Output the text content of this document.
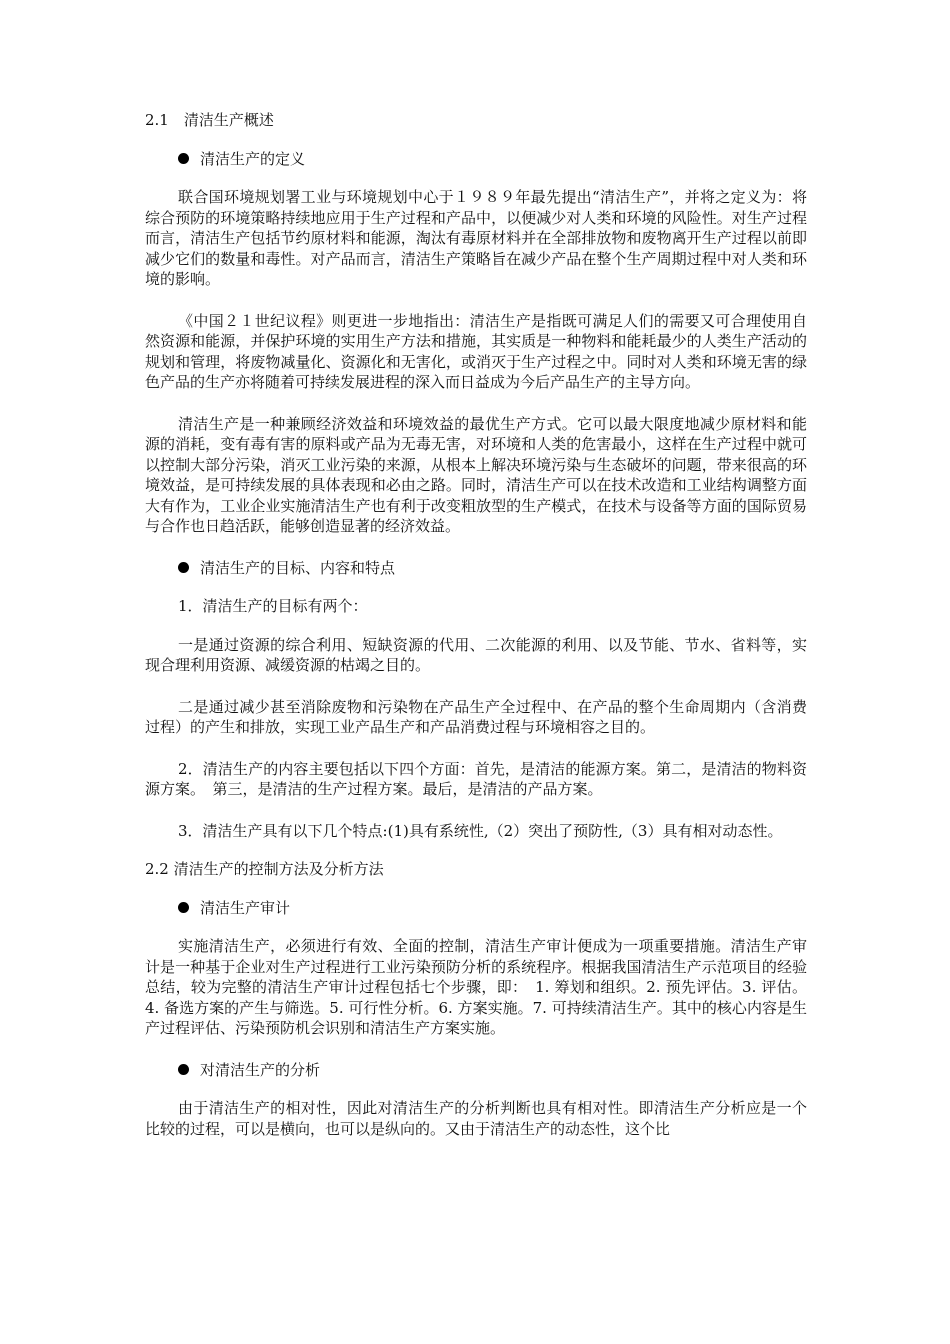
2.1　清洁生产概述

清洁生产的定义

联合国环境规划署工业与环境规划中心于１９８９年最先提出“清洁生产”，并将之定义为：将综合预防的环境策略持续地应用于生产过程和产品中，以便减少对人类和环境的风险性。对生产过程而言，清洁生产包括节约原材料和能源，淘汰有毒原材料并在全部排放物和废物离开生产过程以前即减少它们的数量和毒性。对产品而言，清洁生产策略旨在减少产品在整个生产周期过程中对人类和环境的影响。

《中国２１世纪议程》则更进一步地指出：清洁生产是指既可满足人们的需要又可合理使用自然资源和能源，并保护环境的实用生产方法和措施，其实质是一种物料和能耗最少的人类生产活动的规划和管理，将废物减量化、资源化和无害化，或消灭于生产过程之中。同时对人类和环境无害的绿色产品的生产亦将随着可持续发展进程的深入而日益成为今后产品生产的主导方向。

清洁生产是一种兼顾经济效益和环境效益的最优生产方式。它可以最大限度地减少原材料和能源的消耗，变有毒有害的原料或产品为无毒无害，对环境和人类的危害最小，这样在生产过程中就可以控制大部分污染，消灭工业污染的来源，从根本上解决环境污染与生态破坏的问题，带来很高的环境效益，是可持续发展的具体表现和必由之路。同时，清洁生产可以在技术改造和工业结构调整方面大有作为，工业企业实施清洁生产也有利于改变粗放型的生产模式，在技术与设备等方面的国际贸易与合作也日趋活跃，能够创造显著的经济效益。

清洁生产的目标、内容和特点

1．清洁生产的目标有两个：

一是通过资源的综合利用、短缺资源的代用、二次能源的利用、以及节能、节水、省料等，实现合理利用资源、减缓资源的枯竭之目的。

二是通过减少甚至消除废物和污染物在产品生产全过程中、在产品的整个生命周期内（含消费过程）的产生和排放，实现工业产品生产和产品消费过程与环境相容之目的。

2．清洁生产的内容主要包括以下四个方面：首先，是清洁的能源方案。第二，是清洁的物料资源方案。　第三，是清洁的生产过程方案。最后，是清洁的产品方案。

3．清洁生产具有以下几个特点:(1)具有系统性,（2）突出了预防性,（3）具有相对动态性。

2.2 清洁生产的控制方法及分析方法

清洁生产审计

实施清洁生产，必须进行有效、全面的控制，清洁生产审计便成为一项重要措施。清洁生产审计是一种基于企业对生产过程进行工业污染预防分析的系统程序。根据我国清洁生产示范项目的经验总结，较为完整的清洁生产审计过程包括七个步骤，即：　1. 筹划和组织。2. 预先评估。3. 评估。4. 备选方案的产生与筛选。5. 可行性分析。6. 方案实施。7. 可持续清洁生产。其中的核心内容是生产过程评估、污染预防机会识别和清洁生产方案实施。

对清洁生产的分析

由于清洁生产的相对性，因此对清洁生产的分析判断也具有相对性。即清洁生产分析应是一个比较的过程，可以是横向，也可以是纵向的。又由于清洁生产的动态性，这个比
